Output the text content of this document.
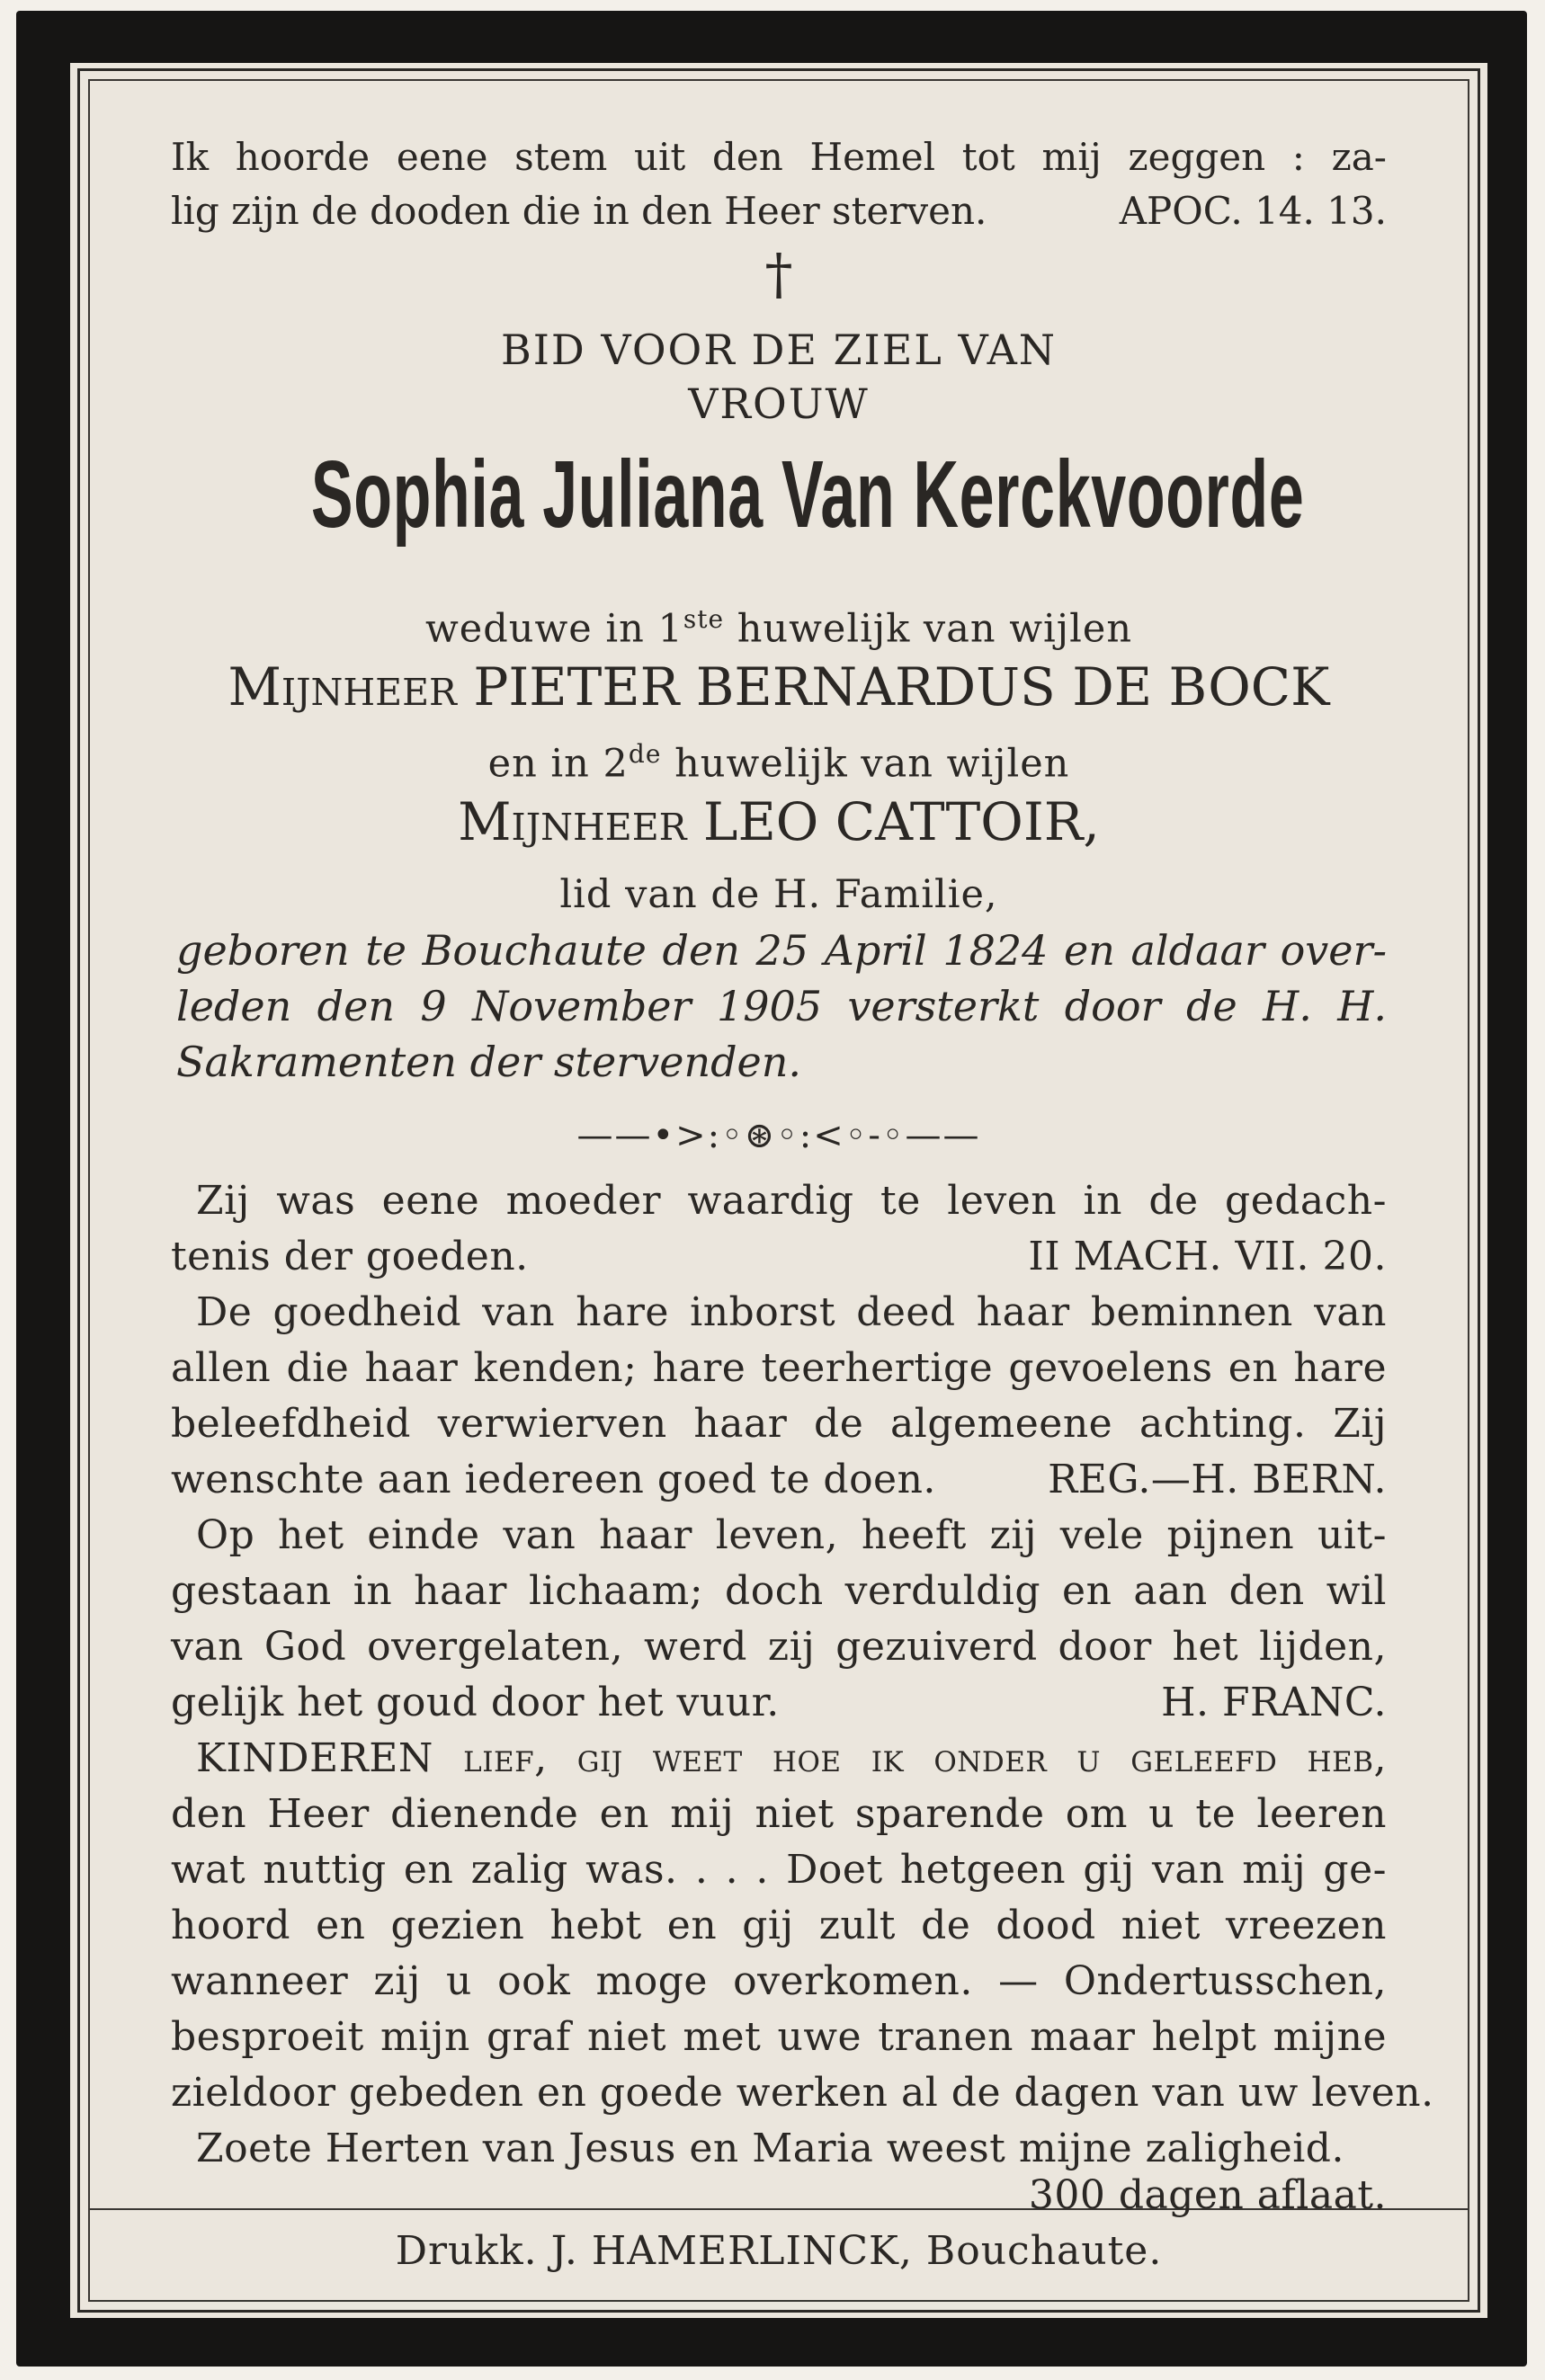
Ik hoorde eene stem uit den Hemel tot mij zeggen : za-
lig zijn de dooden die in den Heer sterven.	APOC. 14. 13.
†
BID VOOR DE ZIEL VAN
VROUW
Sophia Juliana Van Kerckvoorde
weduwe in 1ste huwelijk van wijlen
Mijnheer PIETER BERNARDUS DE BOCK
en in 2de huwelijk van wijlen
Mijnheer LEO CATTOIR,
lid van de H. Familie,
geboren te Bouchaute den 25 April 1824 en aldaar over-
leden den 9 November 1905 versterkt door de H. H.
Sakramenten der stervenden.
——•>:◦⊛◦:<◦-◦——
Zij was eene moeder waardig te leven in de gedach-
tenis der goeden.	II MACH. VII. 20.
De goedheid van hare inborst deed haar beminnen van
allen die haar kenden; hare teerhertige gevoelens en hare
beleefdheid verwierven haar de algemeene achting. Zij
wenschte aan iedereen goed te doen.	REG.—H. BERN.
Op het einde van haar leven, heeft zij vele pijnen uit-
gestaan in haar lichaam; doch verduldig en aan den wil
van God overgelaten, werd zij gezuiverd door het lijden,
gelijk het goud door het vuur.	H. FRANC.
KINDEREN lief, gij weet hoe ik onder u geleefd heb,
den Heer dienende en mij niet sparende om u te leeren
wat nuttig en zalig was. . . . Doet hetgeen gij van mij ge-
hoord en gezien hebt en gij zult de dood niet vreezen
wanneer zij u ook moge overkomen. — Ondertusschen,
besproeit mijn graf niet met uwe tranen maar helpt mijne
zieldoor gebeden en goede werken al de dagen van uw leven.
Zoete Herten van Jesus en Maria weest mijne zaligheid.
300 dagen aflaat.
Drukk. J. HAMERLINCK, Bouchaute.
